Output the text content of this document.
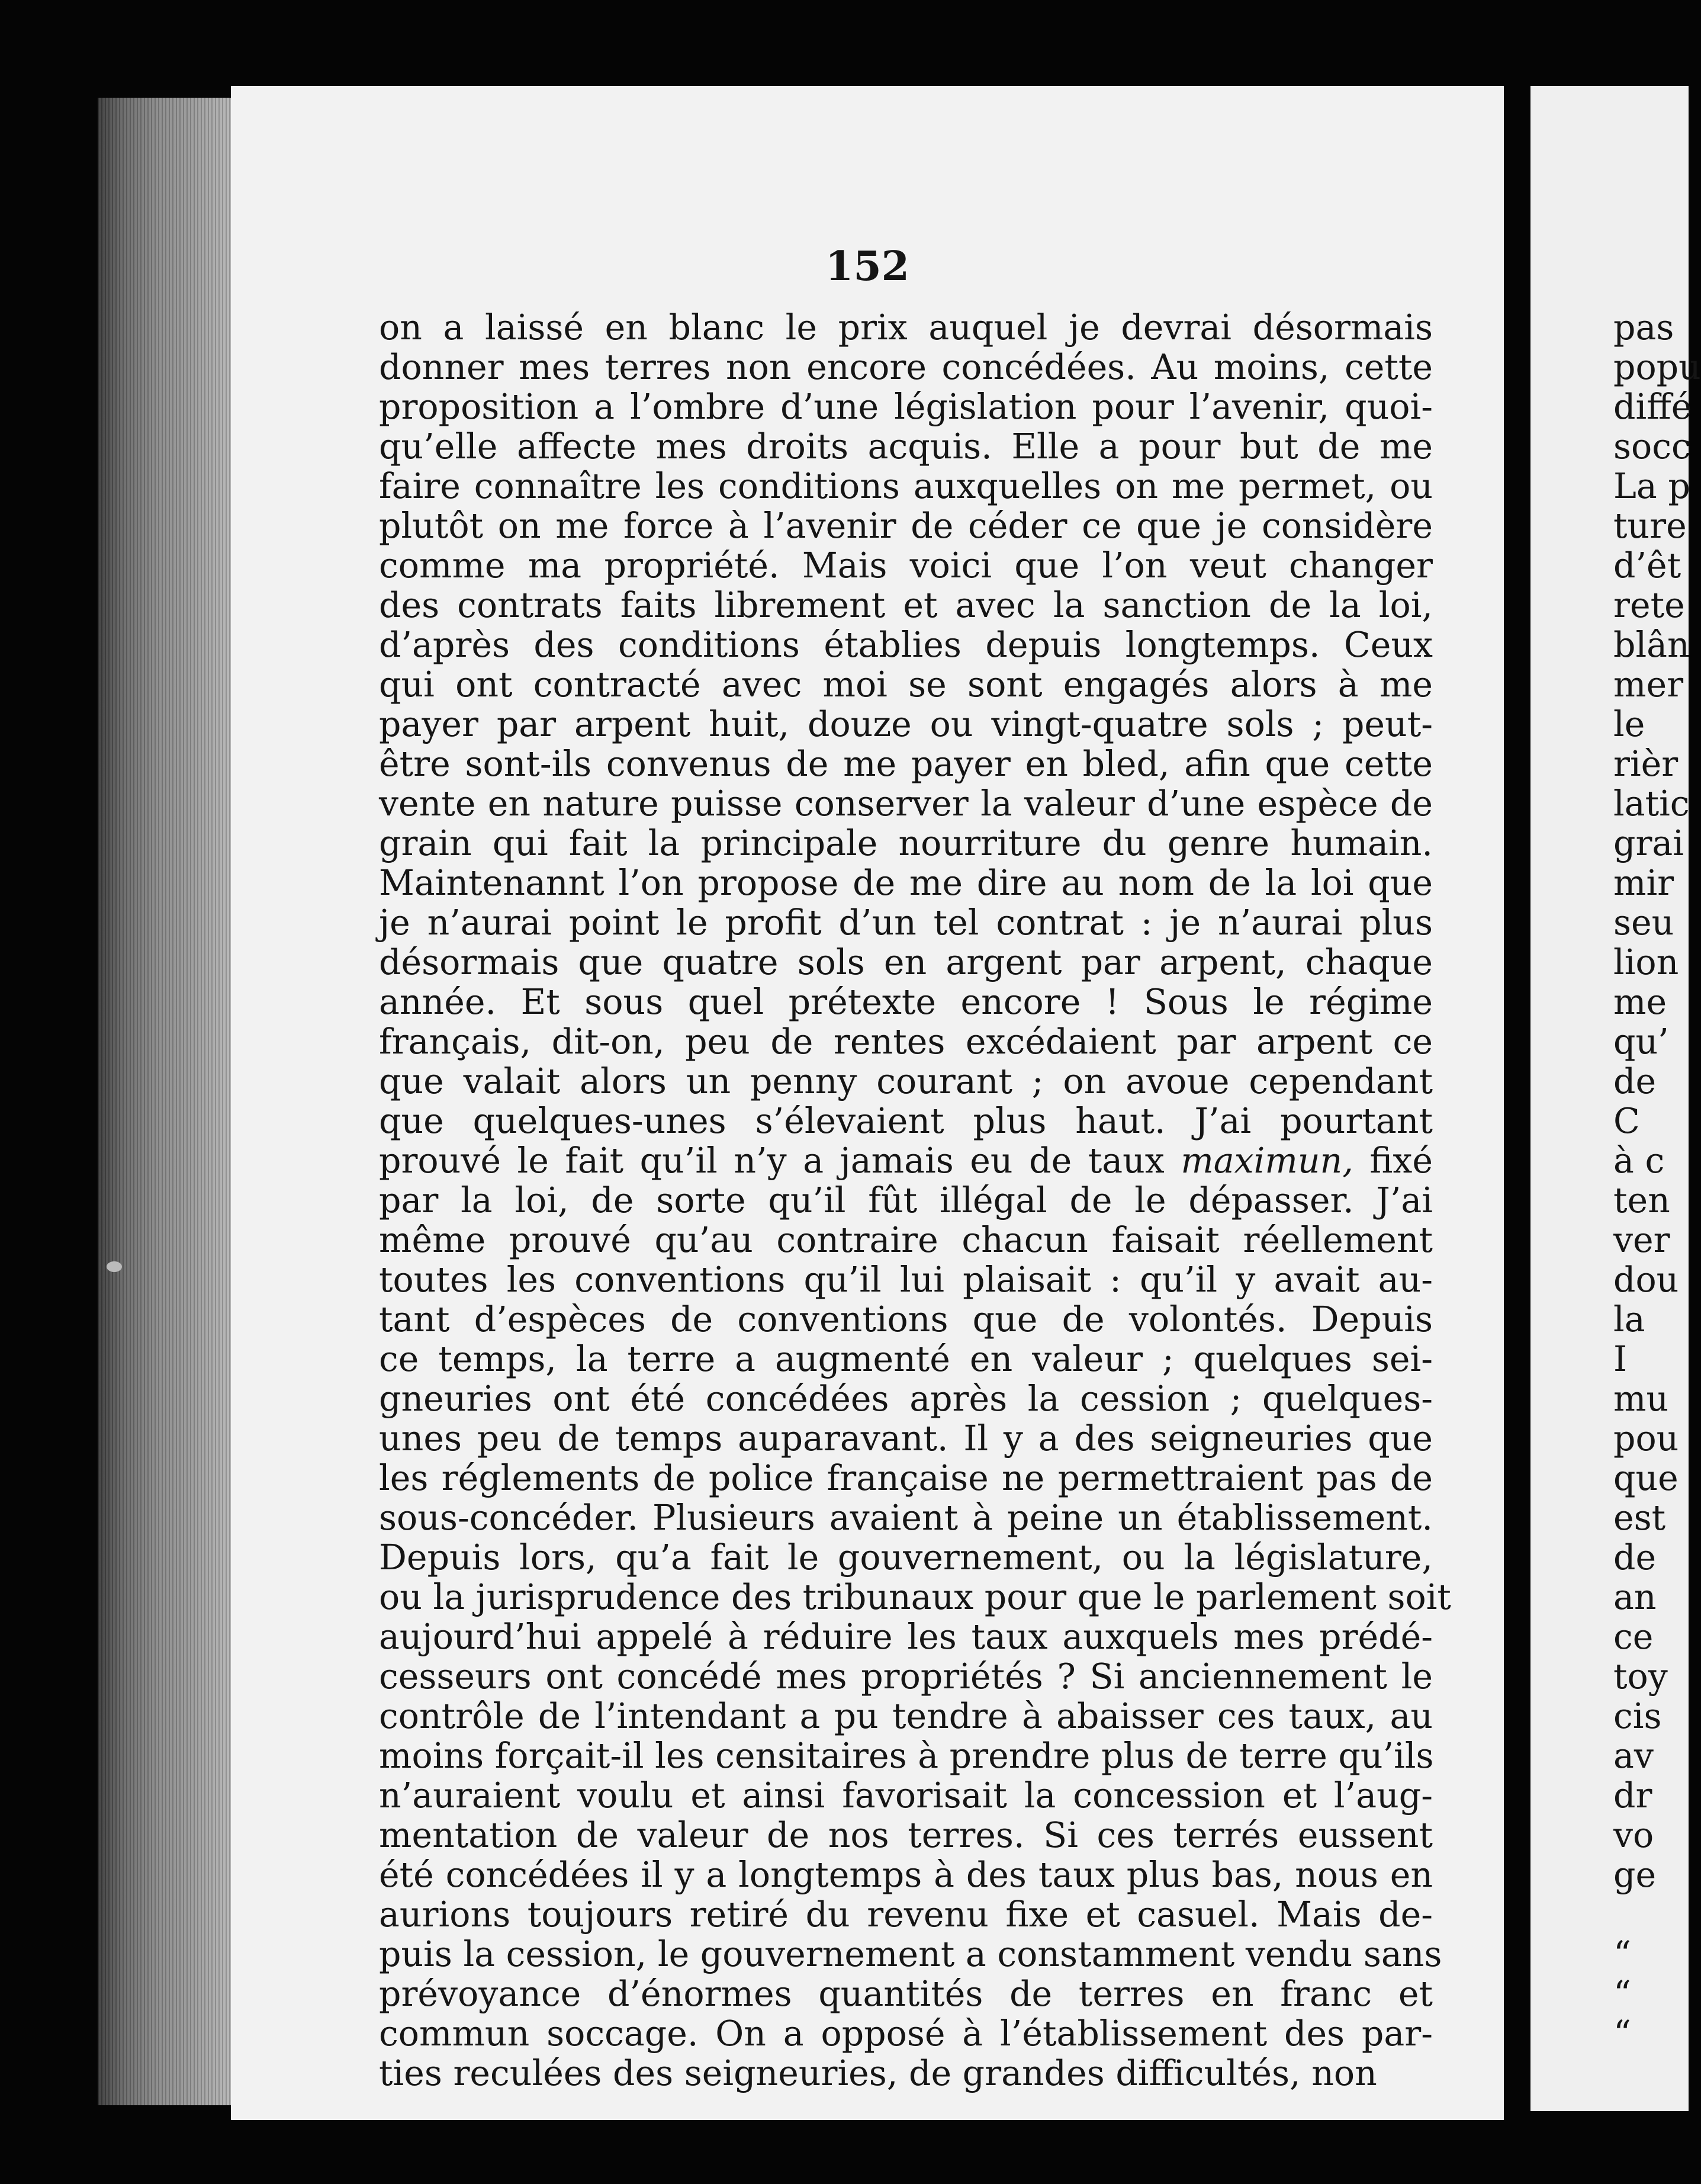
152
on a laissé en blanc le prix auquel je devrai désormais
donner mes terres non encore concédées. Au moins, cette
proposition a l’ombre d’une législation pour l’avenir, quoi-
qu’elle affecte mes droits acquis. Elle a pour but de me
faire connaître les conditions auxquelles on me permet, ou
plutôt on me force à l’avenir de céder ce que je considère
comme ma propriété. Mais voici que l’on veut changer
des contrats faits librement et avec la sanction de la loi,
d’après des conditions établies depuis longtemps. Ceux
qui ont contracté avec moi se sont engagés alors à me
payer par arpent huit, douze ou vingt-quatre sols ; peut-
être sont-ils convenus de me payer en bled, afin que cette
vente en nature puisse conserver la valeur d’une espèce de
grain qui fait la principale nourriture du genre humain.
Maintenannt l’on propose de me dire au nom de la loi que
je n’aurai point le profit d’un tel contrat : je n’aurai plus
désormais que quatre sols en argent par arpent, chaque
année. Et sous quel prétexte encore ! Sous le régime
français, dit-on, peu de rentes excédaient par arpent ce
que valait alors un penny courant ; on avoue cependant
que quelques-unes s’élevaient plus haut. J’ai pourtant
prouvé le fait qu’il n’y a jamais eu de taux maximun, fixé
par la loi, de sorte qu’il fût illégal de le dépasser. J’ai
même prouvé qu’au contraire chacun faisait réellement
toutes les conventions qu’il lui plaisait : qu’il y avait au-
tant d’espèces de conventions que de volontés. Depuis
ce temps, la terre a augmenté en valeur ; quelques sei-
gneuries ont été concédées après la cession ; quelques-
unes peu de temps auparavant. Il y a des seigneuries que
les réglements de police française ne permettraient pas de
sous-concéder. Plusieurs avaient à peine un établissement.
Depuis lors, qu’a fait le gouvernement, ou la législature,
ou la jurisprudence des tribunaux pour que le parlement soit
aujourd’hui appelé à réduire les taux auxquels mes prédé-
cesseurs ont concédé mes propriétés ? Si anciennement le
contrôle de l’intendant a pu tendre à abaisser ces taux, au
moins forçait-il les censitaires à prendre plus de terre qu’ils
n’auraient voulu et ainsi favorisait la concession et l’aug-
mentation de valeur de nos terres. Si ces terrés eussent
été concédées il y a longtemps à des taux plus bas, nous en
aurions toujours retiré du revenu fixe et casuel. Mais de-
puis la cession, le gouvernement a constamment vendu sans
prévoyance d’énormes quantités de terres en franc et
commun soccage. On a opposé à l’établissement des par-
ties reculées des seigneuries, de grandes difficultés, non
pas
popu
diffé
socc
La p
ture
d’êt
rete
blân
mer
le
rièr
latic
grai
mir
seu
lion
me
qu’
de
C
à c
ten
ver
dou
la
I
mu
pou
que
est
de
an
ce
toy
cis
av
dr
vo
ge
“
“
“
